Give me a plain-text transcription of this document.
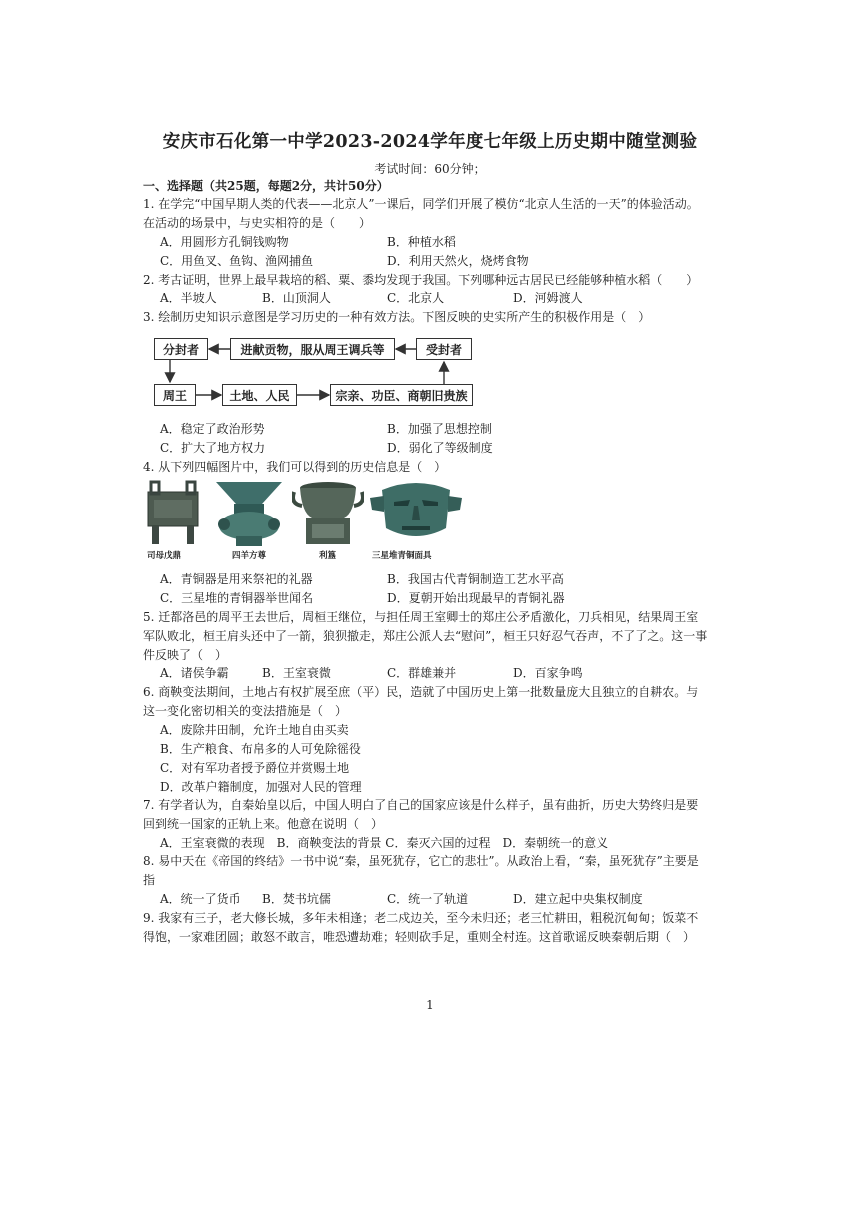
安庆市石化第一中学2023-2024学年度七年级上历史期中随堂测验
考试时间：60分钟；
一、选择题（共25题，每题2分，共计50分）
1. 在学完“中国早期人类的代表——北京人”一课后，同学们开展了模仿“北京人生活的一天”的体验活动。
在活动的场景中，与史实相符的是（　　）
A．用圆形方孔铜钱购物	B．种植水稻
C．用鱼叉、鱼钩、渔网捕鱼	D．利用天然火，烧烤食物
2. 考古证明，世界上最早栽培的稻、粟、黍均发现于我国。下列哪种远古居民已经能够种植水稻（　　）
A．半坡人	B．山顶洞人	C．北京人	D．河姆渡人
3. 绘制历史知识示意图是学习历史的一种有效方法。下图反映的史实所产生的积极作用是（　）
分封者	进献贡物，服从周王调兵等	受封者
周王	土地、人民	宗亲、功臣、商朝旧贵族
A．稳定了政治形势	B．加强了思想控制
C．扩大了地方权力	D．弱化了等级制度
4. 从下列四幅图片中，我们可以得到的历史信息是（　）
司母戊鼎	四羊方尊	利簋	三星堆青铜面具
A．青铜器是用来祭祀的礼器	B．我国古代青铜制造工艺水平高
C．三星堆的青铜器举世闻名	D．夏朝开始出现最早的青铜礼器
5. 迁都洛邑的周平王去世后，周桓王继位，与担任周王室卿士的郑庄公矛盾激化，刀兵相见，结果周王室
军队败北，桓王肩头还中了一箭，狼狈撤走，郑庄公派人去“慰问”，桓王只好忍气吞声，不了了之。这一事
件反映了（　）
A．诸侯争霸	B．王室衰微	C．群雄兼并	D．百家争鸣
6. 商鞅变法期间，土地占有权扩展至庶（平）民，造就了中国历史上第一批数量庞大且独立的自耕农。与
这一变化密切相关的变法措施是（　）
A．废除井田制，允许土地自由买卖
B．生产粮食、布帛多的人可免除徭役
C．对有军功者授予爵位并赏赐土地
D．改革户籍制度，加强对人民的管理
7. 有学者认为，自秦始皇以后，中国人明白了自己的国家应该是什么样子，虽有曲折，历史大势终归是要
回到统一国家的正轨上来。他意在说明（　）
A．王室衰微的表现　B．商鞅变法的背景 C．秦灭六国的过程　D．秦朝统一的意义
8. 易中天在《帝国的终结》一书中说“秦，虽死犹存，它亡的悲壮”。从政治上看，“秦，虽死犹存”主要是
指
A．统一了货币 B．焚书坑儒	C．统一了轨道	D．建立起中央集权制度
9. 我家有三子，老大修长城，多年未相逢；老二戍边关，至今未归还；老三忙耕田，粗税沉甸甸；饭菜不
得饱，一家难团圆；敢怒不敢言，唯恐遭劫难；轻则砍手足，重则全村连。这首歌谣反映秦朝后期（　）
1
